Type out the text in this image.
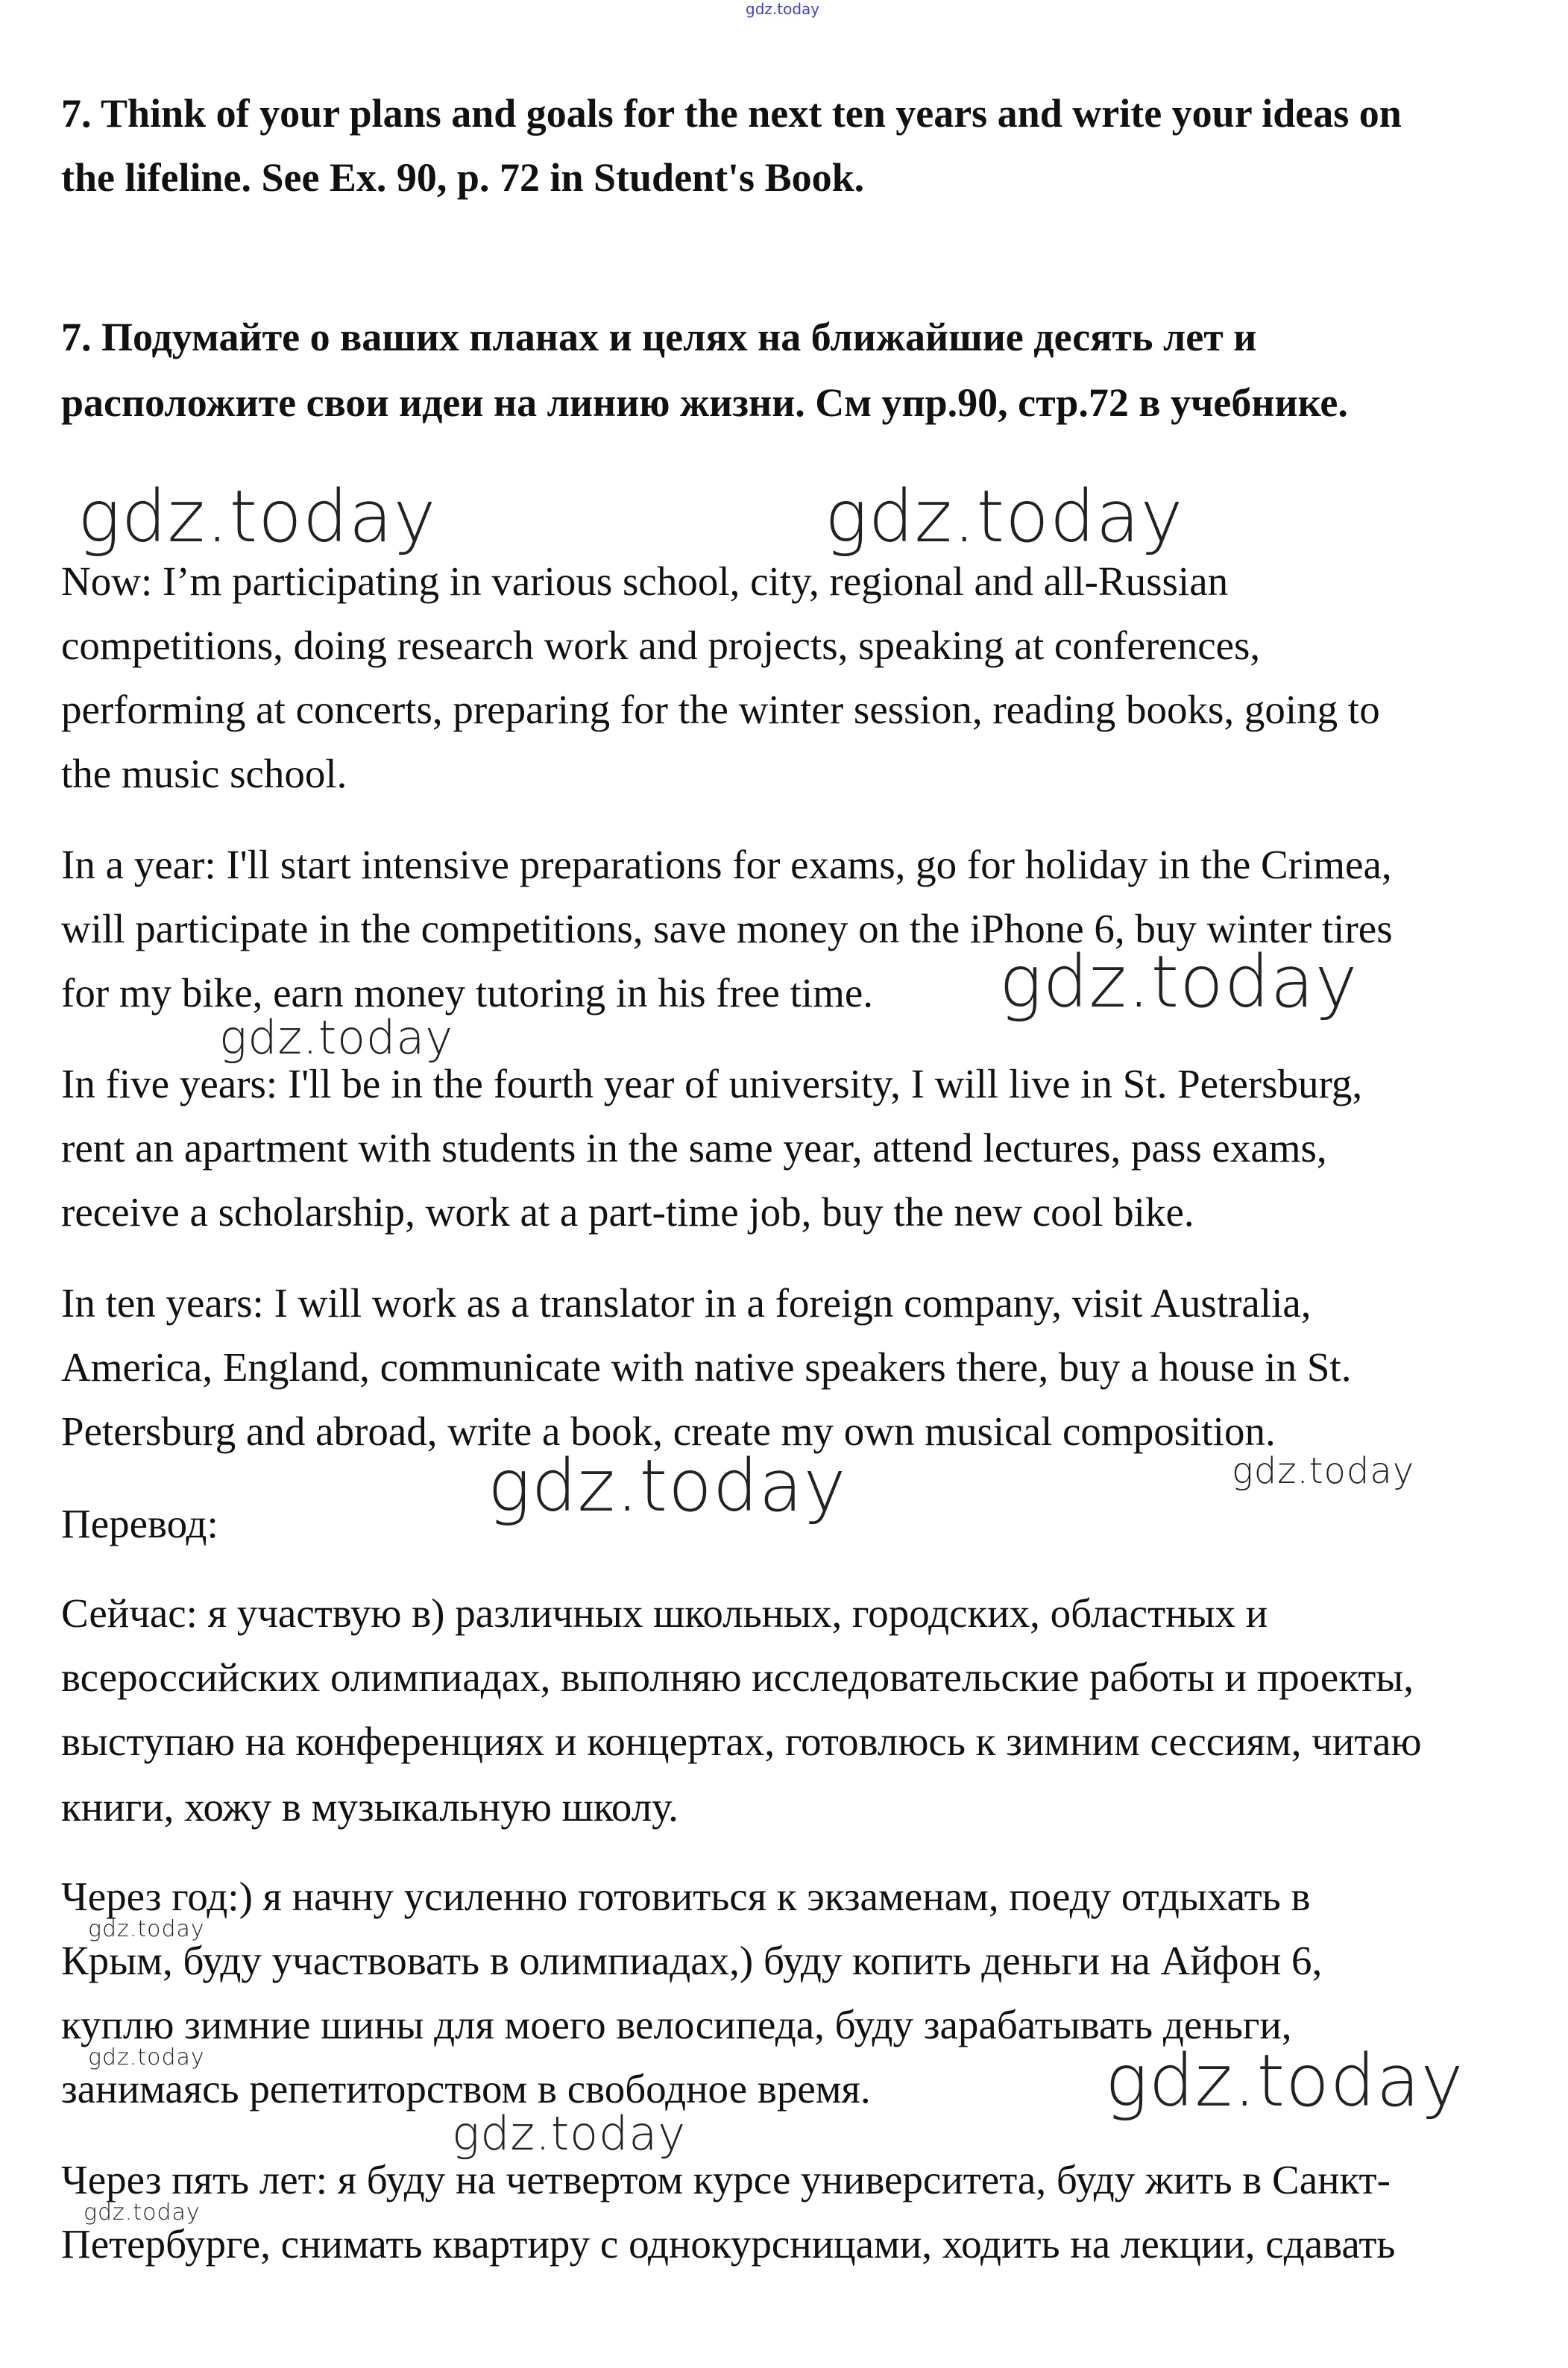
gdz.today
7. Think of your plans and goals for the next ten years and write your ideas on
the lifeline. See Ex. 90, p. 72 in Student's Book.
7. Подумайте о ваших планах и целях на ближайшие десять лет и
расположите свои идеи на линию жизни. См упр.90, стр.72 в учебнике.
Now: I’m participating in various school, city, regional and all-Russian
competitions, doing research work and projects, speaking at conferences,
performing at concerts, preparing for the winter session, reading books, going to
the music school.
In a year: I'll start intensive preparations for exams, go for holiday in the Crimea,
will participate in the competitions, save money on the iPhone 6, buy winter tires
for my bike, earn money tutoring in his free time.
In five years: I'll be in the fourth year of university, I will live in St. Petersburg,
rent an apartment with students in the same year, attend lectures, pass exams,
receive a scholarship, work at a part-time job, buy the new cool bike.
In ten years: I will work as a translator in a foreign company, visit Australia,
America, England, communicate with native speakers there, buy a house in St.
Petersburg and abroad, write a book, create my own musical composition.
Перевод:
Сейчас: я участвую в) различных школьных, городских, областных и
всероссийских олимпиадах, выполняю исследовательские работы и проекты,
выступаю на конференциях и концертах, готовлюсь к зимним сессиям, читаю
книги, хожу в музыкальную школу.
Через год:) я начну усиленно готовиться к экзаменам, поеду отдыхать в
Крым, буду участвовать в олимпиадах,) буду копить деньги на Айфон 6,
куплю зимние шины для моего велосипеда, буду зарабатывать деньги,
занимаясь репетиторством в свободное время.
Через пять лет: я буду на четвертом курсе университета, буду жить в Санкт-
Петербурге, снимать квартиру с однокурсницами, ходить на лекции, сдавать
gdz.today	gdz.today
gdz.today
gdz.today
gdz.today	gdz.today
gdz.today
gdz.today	gdz.today
gdz.today
gdz.today
